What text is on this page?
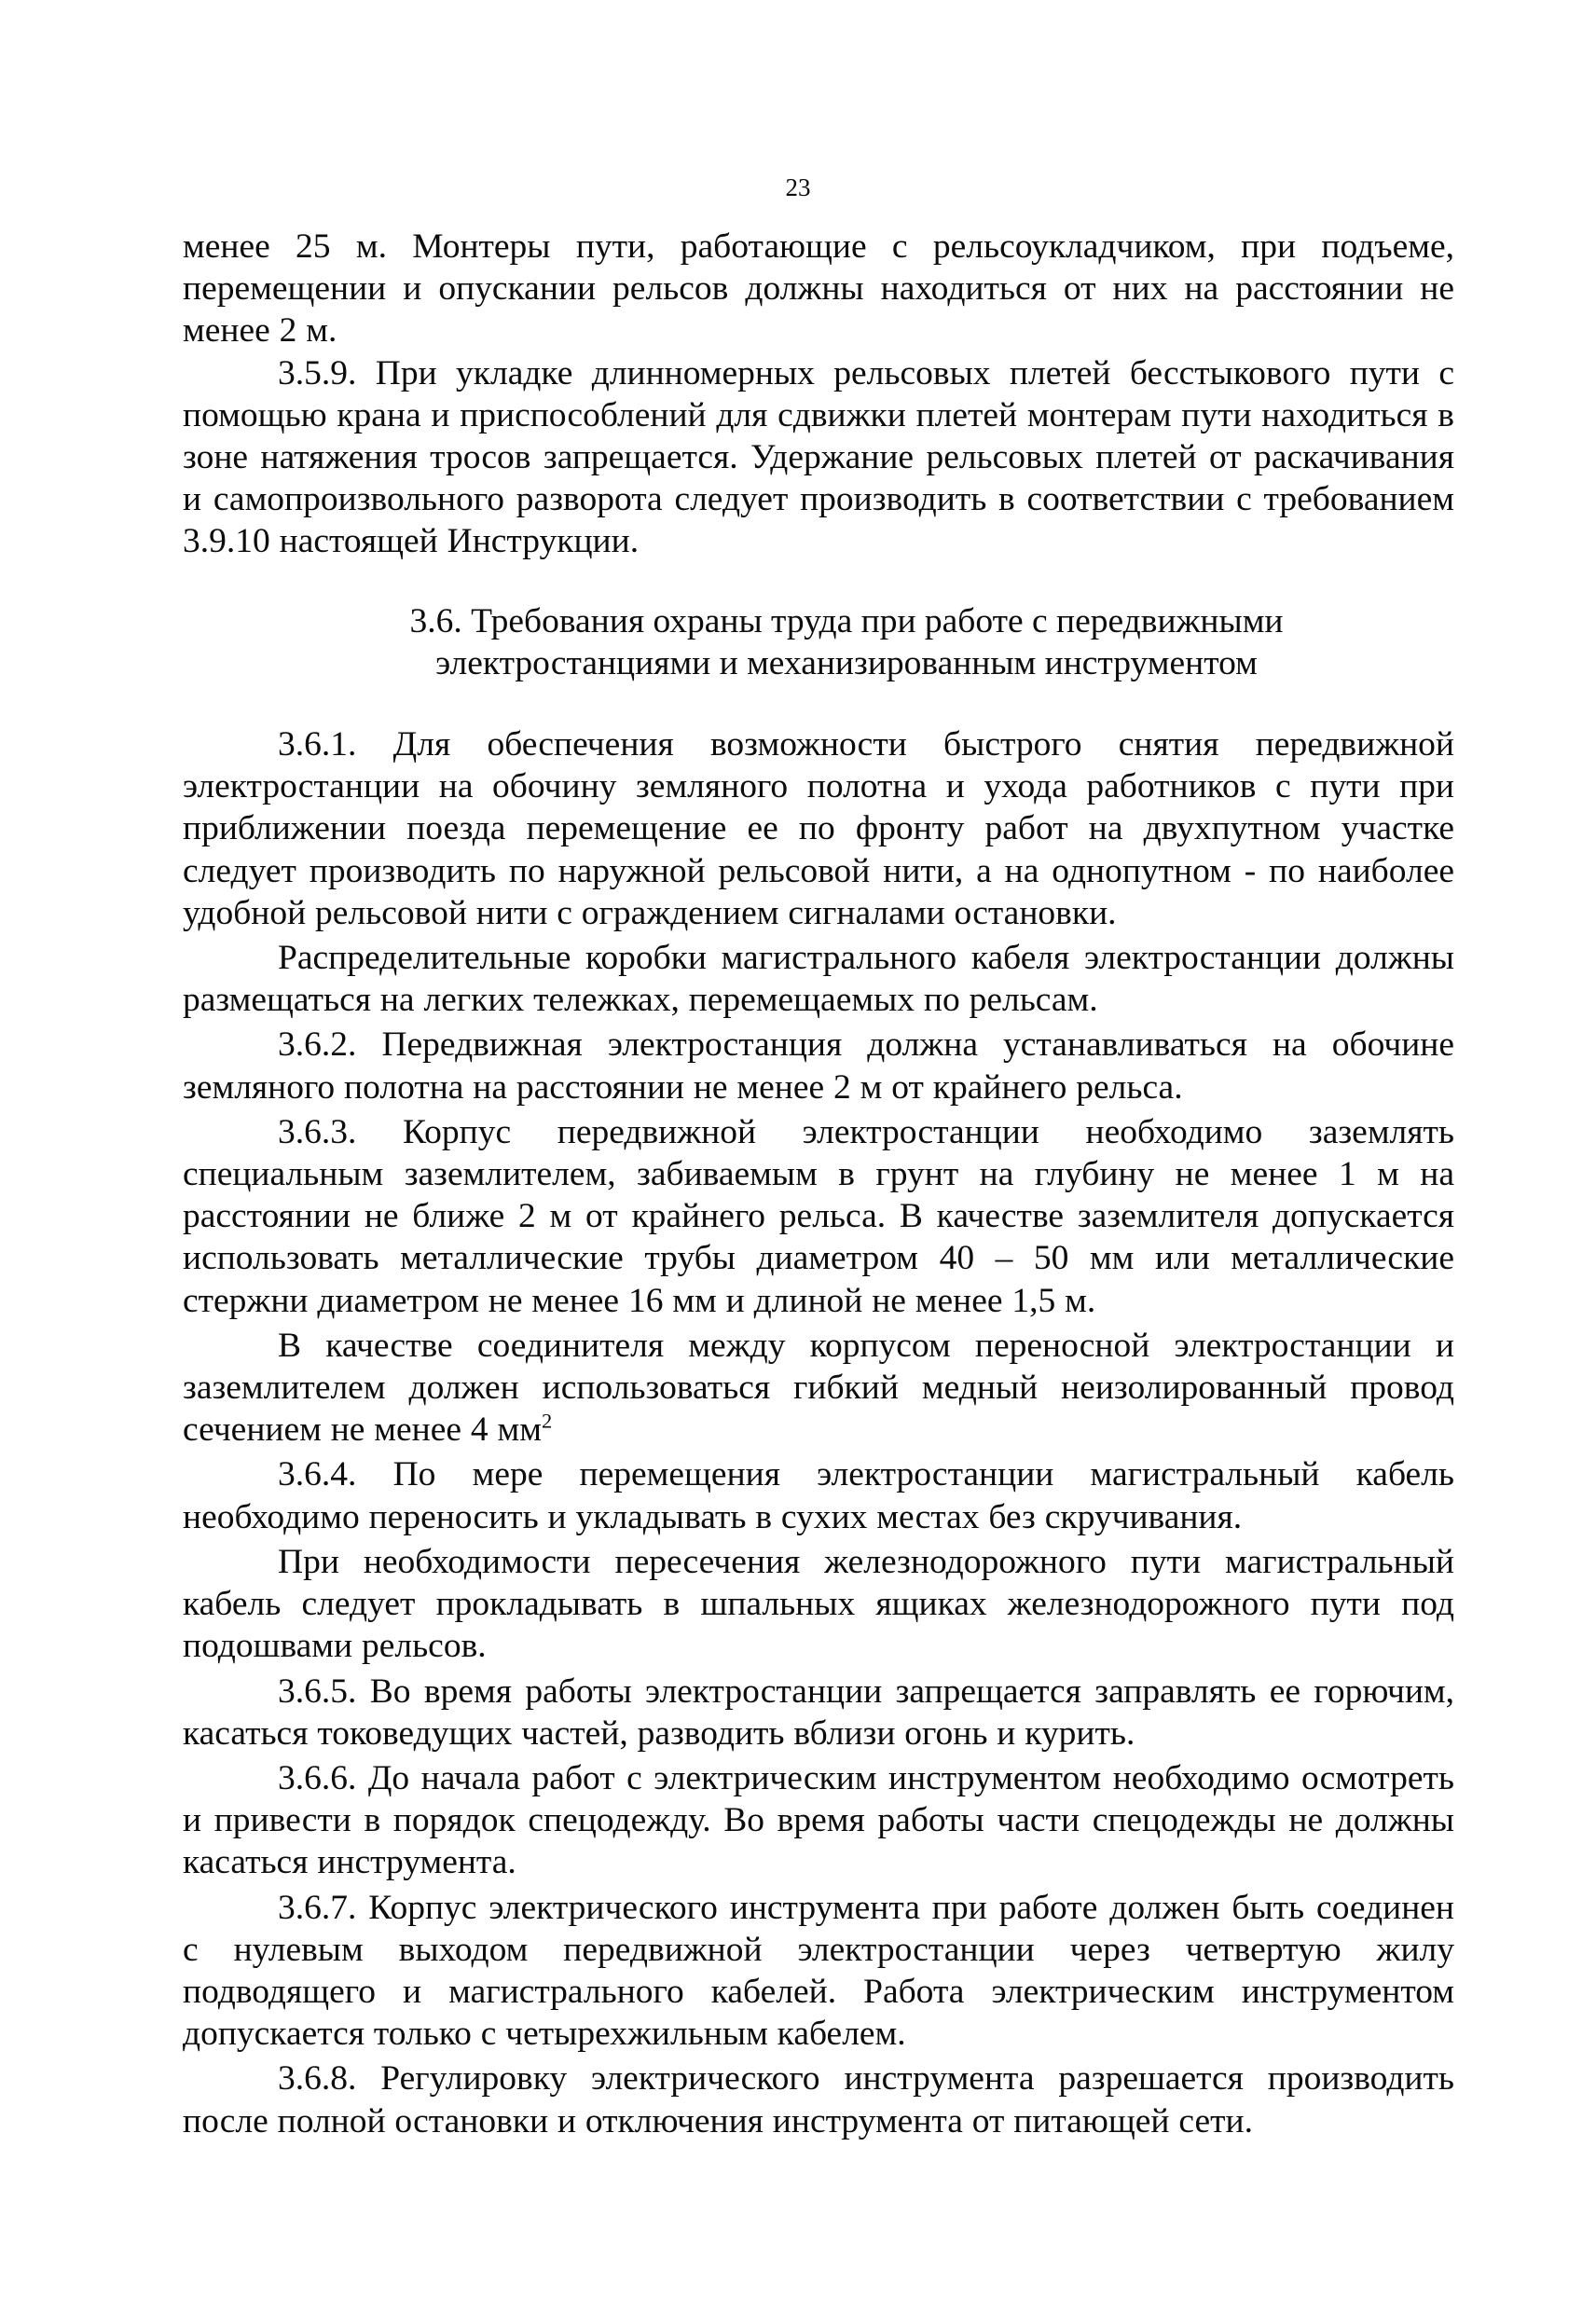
23

менее 25 м. Монтеры пути, работающие с рельсоукладчиком, при подъеме, перемещении и опускании рельсов должны находиться от них на расстоянии не менее 2 м.

3.5.9. При укладке длинномерных рельсовых плетей бесстыкового пути с помощью крана и приспособлений для сдвижки плетей монтерам пути находиться в зоне натяжения тросов запрещается. Удержание рельсовых плетей от раскачивания и самопроизвольного разворота следует производить в соответствии с требованием 3.9.10 настоящей Инструкции.

3.6. Требования охраны труда при работе с передвижными
электростанциями и механизированным инструментом

3.6.1. Для обеспечения возможности быстрого снятия передвижной электростанции на обочину земляного полотна и ухода работников с пути при приближении поезда перемещение ее по фронту работ на двухпутном участке следует производить по наружной рельсовой нити, а на однопутном - по наиболее удобной рельсовой нити с ограждением сигналами остановки.

Распределительные коробки магистрального кабеля электростанции должны размещаться на легких тележках, перемещаемых по рельсам.

3.6.2. Передвижная электростанция должна устанавливаться на обочине земляного полотна на расстоянии не менее 2 м от крайнего рельса.

3.6.3. Корпус передвижной электростанции необходимо заземлять специальным заземлителем, забиваемым в грунт на глубину не менее 1 м на расстоянии не ближе 2 м от крайнего рельса. В качестве заземлителя допускается использовать металлические трубы диаметром 40 – 50 мм или металлические стержни диаметром не менее 16 мм и длиной не менее 1,5 м.

В качестве соединителя между корпусом переносной электростанции и заземлителем должен использоваться гибкий медный неизолированный провод сечением не менее 4 $мм^2$

3.6.4. По мере перемещения электростанции магистральный кабель необходимо переносить и укладывать в сухих местах без скручивания.

При необходимости пересечения железнодорожного пути магистральный кабель следует прокладывать в шпальных ящиках железнодорожного пути под подошвами рельсов.

3.6.5. Во время работы электростанции запрещается заправлять ее горючим, касаться токоведущих частей, разводить вблизи огонь и курить.

3.6.6. До начала работ с электрическим инструментом необходимо осмотреть и привести в порядок спецодежду. Во время работы части спецодежды не должны касаться инструмента.

3.6.7. Корпус электрического инструмента при работе должен быть соединен с нулевым выходом передвижной электростанции через четвертую жилу подводящего и магистрального кабелей. Работа электрическим инструментом допускается только с четырехжильным кабелем.

3.6.8. Регулировку электрического инструмента разрешается производить после полной остановки и отключения инструмента от питающей сети.
